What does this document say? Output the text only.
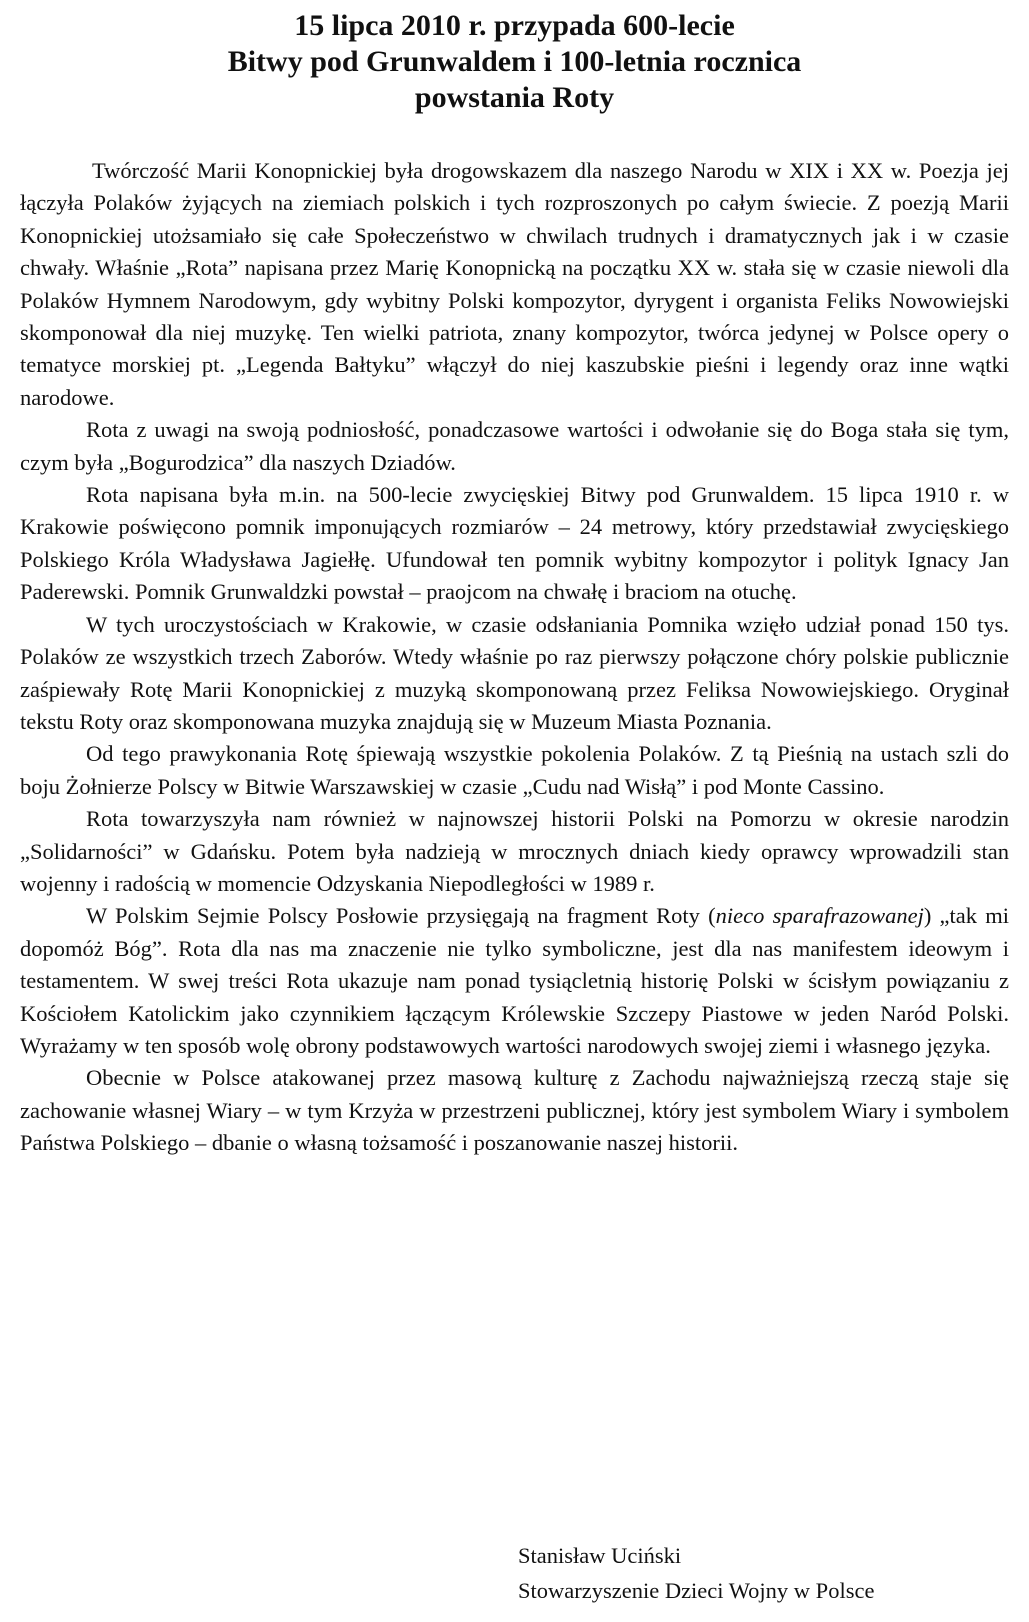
15 lipca 2010 r. przypada 600-lecie
Bitwy pod Grunwaldem i 100-letnia rocznica
powstania Roty

Twórczość Marii Konopnickiej była drogowskazem dla naszego Narodu w XIX i XX w. Poezja jej łączyła Polaków żyjących na ziemiach polskich i tych rozproszonych po całym świecie. Z poezją Marii Konopnickiej utożsamiało się całe Społeczeństwo w chwilach trudnych i dramatycznych jak i w czasie chwały. Właśnie „Rota” napisana przez Marię Konopnicką na początku XX w. stała się w czasie niewoli dla Polaków Hymnem Narodowym, gdy wybitny Polski kompozytor, dyrygent i organista Feliks Nowowiejski skomponował dla niej muzykę. Ten wielki patriota, znany kompozytor, twórca jedynej w Polsce opery o tematyce morskiej pt. „Legenda Bałtyku” włączył do niej kaszubskie pieśni i legendy oraz inne wątki narodowe.

Rota z uwagi na swoją podniosłość, ponadczasowe wartości i odwołanie się do Boga stała się tym, czym była „Bogurodzica” dla naszych Dziadów.

Rota napisana była m.in. na 500-lecie zwycięskiej Bitwy pod Grunwaldem. 15 lipca 1910 r. w Krakowie poświęcono pomnik imponujących rozmiarów – 24 metrowy, który przedstawiał zwycięskiego Polskiego Króla Władysława Jagiełłę. Ufundował ten pomnik wybitny kompozytor i polityk Ignacy Jan Paderewski. Pomnik Grunwaldzki powstał – praojcom na chwałę i braciom na otuchę.

W tych uroczystościach w Krakowie, w czasie odsłaniania Pomnika wzięło udział ponad 150 tys. Polaków ze wszystkich trzech Zaborów. Wtedy właśnie po raz pierwszy połączone chóry polskie publicznie zaśpiewały Rotę Marii Konopnickiej z muzyką skomponowaną przez Feliksa Nowowiejskiego. Oryginał tekstu Roty oraz skomponowana muzyka znajdują się w Muzeum Miasta Poznania.

Od tego prawykonania Rotę śpiewają wszystkie pokolenia Polaków. Z tą Pieśnią na ustach szli do boju Żołnierze Polscy w Bitwie Warszawskiej w czasie „Cudu nad Wisłą” i pod Monte Cassino.

Rota towarzyszyła nam również w najnowszej historii Polski na Pomorzu w okresie narodzin „Solidarności” w Gdańsku. Potem była nadzieją w mrocznych dniach kiedy oprawcy wprowadzili stan wojenny i radością w momencie Odzyskania Niepodległości w 1989 r.

W Polskim Sejmie Polscy Posłowie przysięgają na fragment Roty (nieco sparafrazowanej) „tak mi dopomóż Bóg”. Rota dla nas ma znaczenie nie tylko symboliczne, jest dla nas manifestem ideowym i testamentem. W swej treści Rota ukazuje nam ponad tysiącletnią historię Polski w ścisłym powiązaniu z Kościołem Katolickim jako czynnikiem łączącym Królewskie Szczepy Piastowe w jeden Naród Polski. Wyrażamy w ten sposób wolę obrony podstawowych wartości narodowych swojej ziemi i własnego języka.

Obecnie w Polsce atakowanej przez masową kulturę z Zachodu najważniejszą rzeczą staje się zachowanie własnej Wiary – w tym Krzyża w przestrzeni publicznej, który jest symbolem Wiary i symbolem Państwa Polskiego – dbanie o własną tożsamość i poszanowanie naszej historii.

Stanisław Uciński
Stowarzyszenie Dzieci Wojny w Polsce
